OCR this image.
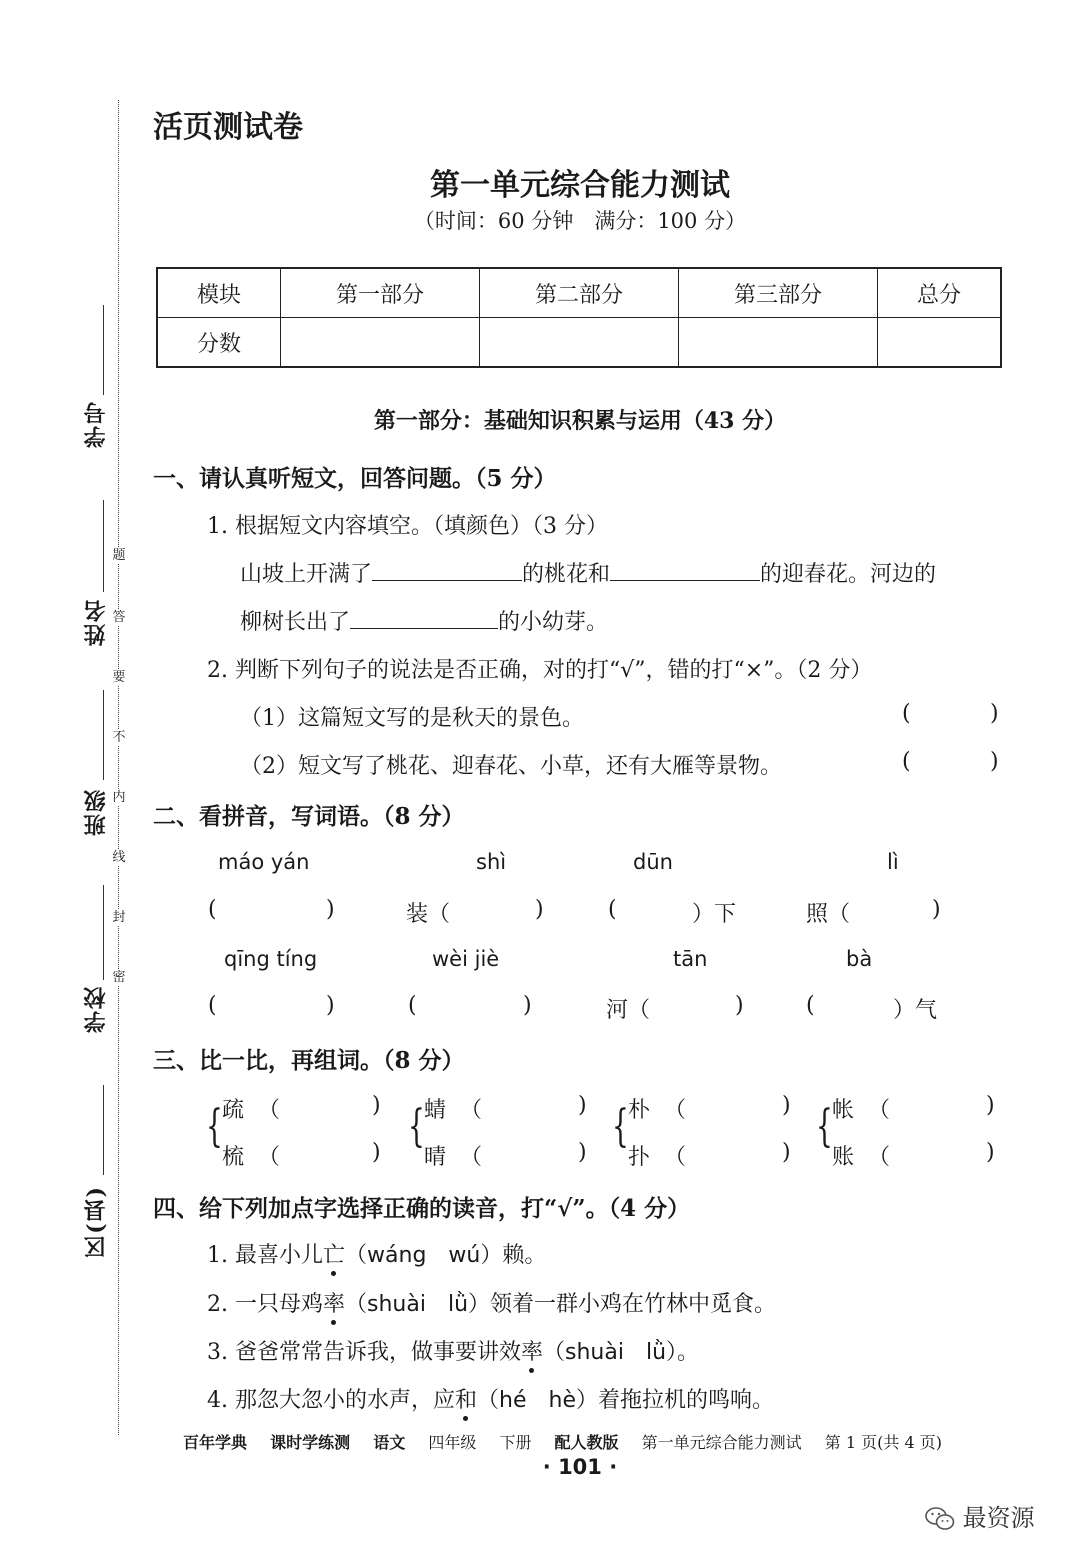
题
答
要
不
内
线
封
密
学号
姓名
班级
学校
区(县)
活页测试卷
第一单元综合能力测试
（时间：60 分钟　满分：100 分）
模块	第一部分	第二部分	第三部分	总分
分数				
第一部分：基础知识积累与运用（43 分）
一、请认真听短文，回答问题。（5 分）
1. 根据短文内容填空。（填颜色）（3 分）
山坡上开满了	的桃花和	的迎春花。河边的
柳树长出了	的小幼芽。
2. 判断下列句子的说法是否正确，对的打“√”，错的打“×”。（2 分）
（1）这篇短文写的是秋天的景色。	(	)
（2）短文写了桃花、迎春花、小草，还有大雁等景物。	(	)
二、看拼音，写词语。（8 分）
máo yán	shì	dūn	lì
(	)	装（	)	(	）下	照（	)
qīng tíng	wèi jiè	tān	bà
(	)	(	)	河（	)	(	）气
三、比一比，再组词。（8 分）
{ 疏 （	)
梳 （	)
{ 蜻 （	)
晴 （	)
{ 朴 （	)
扑 （	)
{ 帐 （	)
账 （	)
四、给下列加点字选择正确的读音，打“√”。（4 分）
1. 最喜小儿亡（wáng　wú）赖。
2. 一只母鸡率（shuài　lǜ）领着一群小鸡在竹林中觅食。
3. 爸爸常常告诉我，做事要讲效率（shuài　lǜ）。
4. 那忽大忽小的水声，应和（hé　hè）着拖拉机的鸣响。
百年学典 课时学练测 语文 四年级 下册 配人教版 第一单元综合能力测试 第 1 页(共 4 页)
· 101 ·
最资源
